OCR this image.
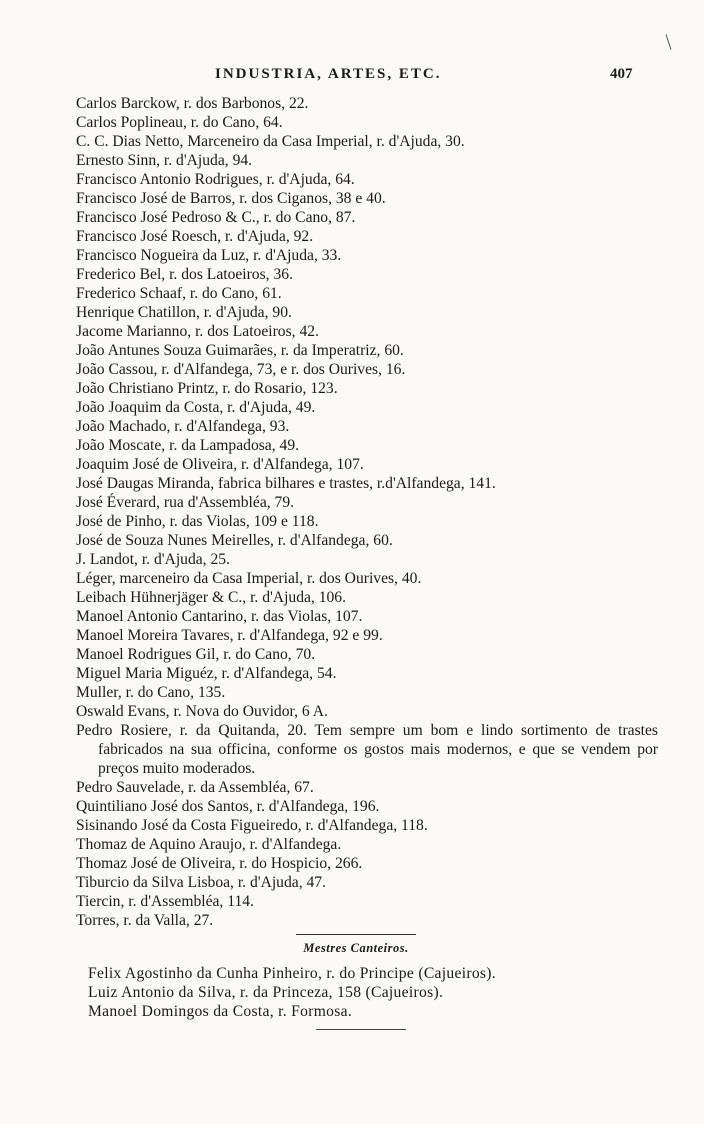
INDUSTRIA, ARTES, ETC.	407
Carlos Barckow, r. dos Barbonos, 22.
Carlos Poplineau, r. do Cano, 64.
C. C. Dias Netto, Marceneiro da Casa Imperial, r. d'Ajuda, 30.
Ernesto Sinn, r. d'Ajuda, 94.
Francisco Antonio Rodrigues, r. d'Ajuda, 64.
Francisco José de Barros, r. dos Ciganos, 38 e 40.
Francisco José Pedroso & C., r. do Cano, 87.
Francisco José Roesch, r. d'Ajuda, 92.
Francisco Nogueira da Luz, r. d'Ajuda, 33.
Frederico Bel, r. dos Latoeiros, 36.
Frederico Schaaf, r. do Cano, 61.
Henrique Chatillon, r. d'Ajuda, 90.
Jacome Marianno, r. dos Latoeiros, 42.
João Antunes Souza Guimarães, r. da Imperatriz, 60.
João Cassou, r. d'Alfandega, 73, e r. dos Ourives, 16.
João Christiano Printz, r. do Rosario, 123.
João Joaquim da Costa, r. d'Ajuda, 49.
João Machado, r. d'Alfandega, 93.
João Moscate, r. da Lampadosa, 49.
Joaquim José de Oliveira, r. d'Alfandega, 107.
José Daugas Miranda, fabrica bilhares e trastes, r.d'Alfandega, 141.
José Éverard, rua d'Assembléa, 79.
José de Pinho, r. das Violas, 109 e 118.
José de Souza Nunes Meirelles, r. d'Alfandega, 60.
J. Landot, r. d'Ajuda, 25.
Léger, marceneiro da Casa Imperial, r. dos Ourives, 40.
Leibach Hühnerjäger & C., r. d'Ajuda, 106.
Manoel Antonio Cantarino, r. das Violas, 107.
Manoel Moreira Tavares, r. d'Alfandega, 92 e 99.
Manoel Rodrigues Gil, r. do Cano, 70.
Miguel Maria Miguéz, r. d'Alfandega, 54.
Muller, r. do Cano, 135.
Oswald Evans, r. Nova do Ouvidor, 6 A.
Pedro Rosiere, r. da Quitanda, 20. Tem sempre um bom e lindo sortimento de trastes fabricados na sua officina, conforme os gostos mais modernos, e que se vendem por preços muito moderados.
Pedro Sauvelade, r. da Assembléa, 67.
Quintiliano José dos Santos, r. d'Alfandega, 196.
Sisinando José da Costa Figueiredo, r. d'Alfandega, 118.
Thomaz de Aquino Araujo, r. d'Alfandega.
Thomaz José de Oliveira, r. do Hospicio, 266.
Tiburcio da Silva Lisboa, r. d'Ajuda, 47.
Tiercin, r. d'Assembléa, 114.
Torres, r. da Valla, 27.
Mestres Canteiros.
Felix Agostinho da Cunha Pinheiro, r. do Principe (Cajueiros).
Luiz Antonio da Silva, r. da Princeza, 158 (Cajueiros).
Manoel Domingos da Costa, r. Formosa.
